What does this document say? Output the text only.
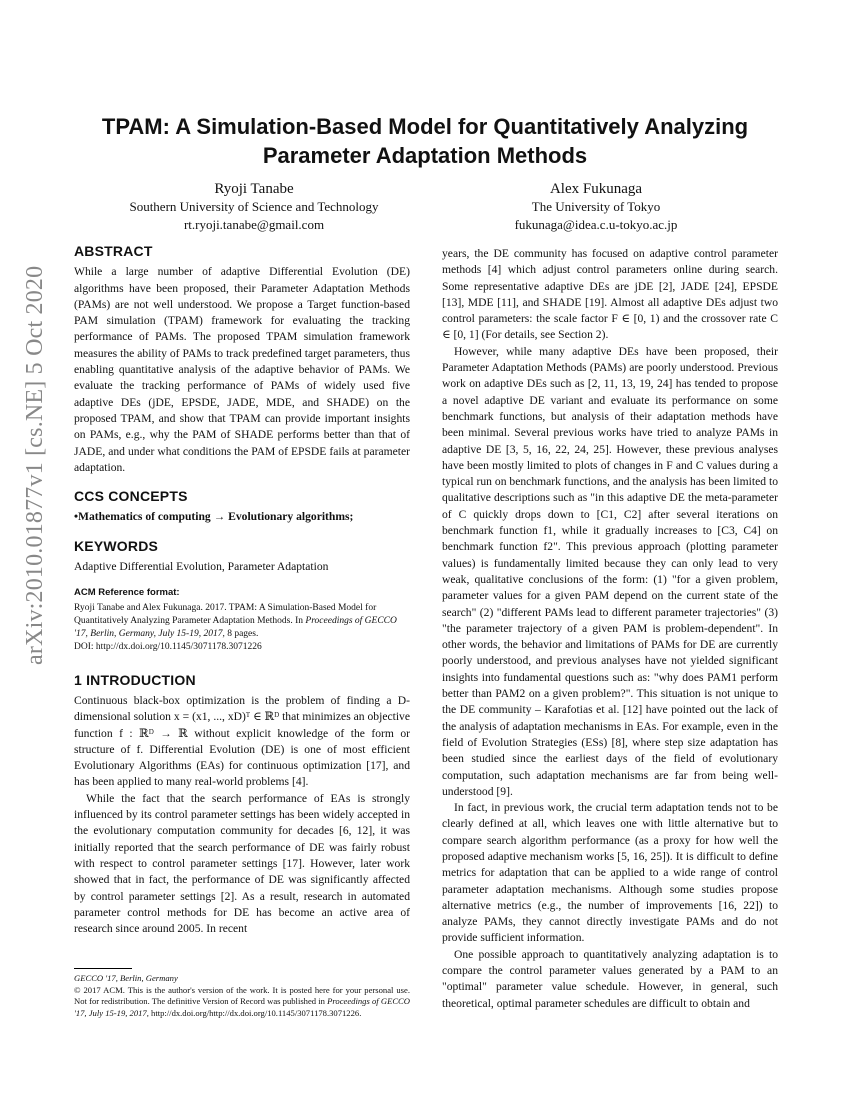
arXiv:2010.01877v1 [cs.NE] 5 Oct 2020
TPAM: A Simulation-Based Model for Quantitatively Analyzing Parameter Adaptation Methods
Ryoji Tanabe
Southern University of Science and Technology
rt.ryoji.tanabe@gmail.com
Alex Fukunaga
The University of Tokyo
fukunaga@idea.c.u-tokyo.ac.jp
ABSTRACT

While a large number of adaptive Differential Evolution (DE) algorithms have been proposed, their Parameter Adaptation Methods (PAMs) are not well understood. We propose a Target function-based PAM simulation (TPAM) framework for evaluating the tracking performance of PAMs. The proposed TPAM simulation framework measures the ability of PAMs to track predefined target parameters, thus enabling quantitative analysis of the adaptive behavior of PAMs. We evaluate the tracking performance of PAMs of widely used five adaptive DEs (jDE, EPSDE, JADE, MDE, and SHADE) on the proposed TPAM, and show that TPAM can provide important insights on PAMs, e.g., why the PAM of SHADE performs better than that of JADE, and under what conditions the PAM of EPSDE fails at parameter adaptation.

CCS CONCEPTS

•Mathematics of computing → Evolutionary algorithms;

KEYWORDS

Adaptive Differential Evolution, Parameter Adaptation

ACM Reference format:
Ryoji Tanabe and Alex Fukunaga. 2017. TPAM: A Simulation-Based Model for Quantitatively Analyzing Parameter Adaptation Methods. In Proceedings of GECCO '17, Berlin, Germany, July 15-19, 2017, 8 pages.
DOI: http://dx.doi.org/10.1145/3071178.3071226
1 INTRODUCTION

Continuous black-box optimization is the problem of finding a D-dimensional solution x = (x1, ..., xD)ᵀ ∈ ℝᴰ that minimizes an objective function f : ℝᴰ → ℝ without explicit knowledge of the form or structure of f. Differential Evolution (DE) is one of most efficient Evolutionary Algorithms (EAs) for continuous optimization [17], and has been applied to many real-world problems [4].

While the fact that the search performance of EAs is strongly influenced by its control parameter settings has been widely accepted in the evolutionary computation community for decades [6, 12], it was initially reported that the search performance of DE was fairly robust with respect to control parameter settings [17]. However, later work showed that in fact, the performance of DE was significantly affected by control parameter settings [2]. As a result, research in automated parameter control methods for DE has become an active area of research since around 2005. In recent

GECCO '17, Berlin, Germany
© 2017 ACM. This is the author's version of the work. It is posted here for your personal use. Not for redistribution. The definitive Version of Record was published in Proceedings of GECCO '17, July 15-19, 2017, http://dx.doi.org/http://dx.doi.org/10.1145/3071178.3071226.

years, the DE community has focused on adaptive control parameter methods [4] which adjust control parameters online during search. Some representative adaptive DEs are jDE [2], JADE [24], EPSDE [13], MDE [11], and SHADE [19]. Almost all adaptive DEs adjust two control parameters: the scale factor F ∈ [0, 1) and the crossover rate C ∈ [0, 1] (For details, see Section 2).

However, while many adaptive DEs have been proposed, their Parameter Adaptation Methods (PAMs) are poorly understood. Previous work on adaptive DEs such as [2, 11, 13, 19, 24] has tended to propose a novel adaptive DE variant and evaluate its performance on some benchmark functions, but analysis of their adaptation methods have been minimal. Several previous works have tried to analyze PAMs in adaptive DE [3, 5, 16, 22, 24, 25]. However, these previous analyses have been mostly limited to plots of changes in F and C values during a typical run on benchmark functions, and the analysis has been limited to qualitative descriptions such as "in this adaptive DE the meta-parameter of C quickly drops down to [C1, C2] after several iterations on benchmark function f1, while it gradually increases to [C3, C4] on benchmark function f2". This previous approach (plotting parameter values) is fundamentally limited because they can only lead to very weak, qualitative conclusions of the form: (1) "for a given problem, parameter values for a given PAM depend on the current state of the search" (2) "different PAMs lead to different parameter trajectories" (3) "the parameter trajectory of a given PAM is problem-dependent". In other words, the behavior and limitations of PAMs for DE are currently poorly understood, and previous analyses have not yielded significant insights into fundamental questions such as: "why does PAM1 perform better than PAM2 on a given problem?". This situation is not unique to the DE community – Karafotias et al. [12] have pointed out the lack of the analysis of adaptation mechanisms in EAs. For example, even in the field of Evolution Strategies (ESs) [8], where step size adaptation has been studied since the earliest days of the field of evolutionary computation, such adaptation mechanisms are far from being well-understood [9].

In fact, in previous work, the crucial term adaptation tends not to be clearly defined at all, which leaves one with little alternative but to compare search algorithm performance (as a proxy for how well the proposed adaptive mechanism works [5, 16, 25]). It is difficult to define metrics for adaptation that can be applied to a wide range of control parameter adaptation mechanisms. Although some studies propose alternative metrics (e.g., the number of improvements [16, 22]) to analyze PAMs, they cannot directly investigate PAMs and do not provide sufficient information.

One possible approach to quantitatively analyzing adaptation is to compare the control parameter values generated by a PAM to an "optimal" parameter value schedule. However, in general, such theoretical, optimal parameter schedules are difficult to obtain and
